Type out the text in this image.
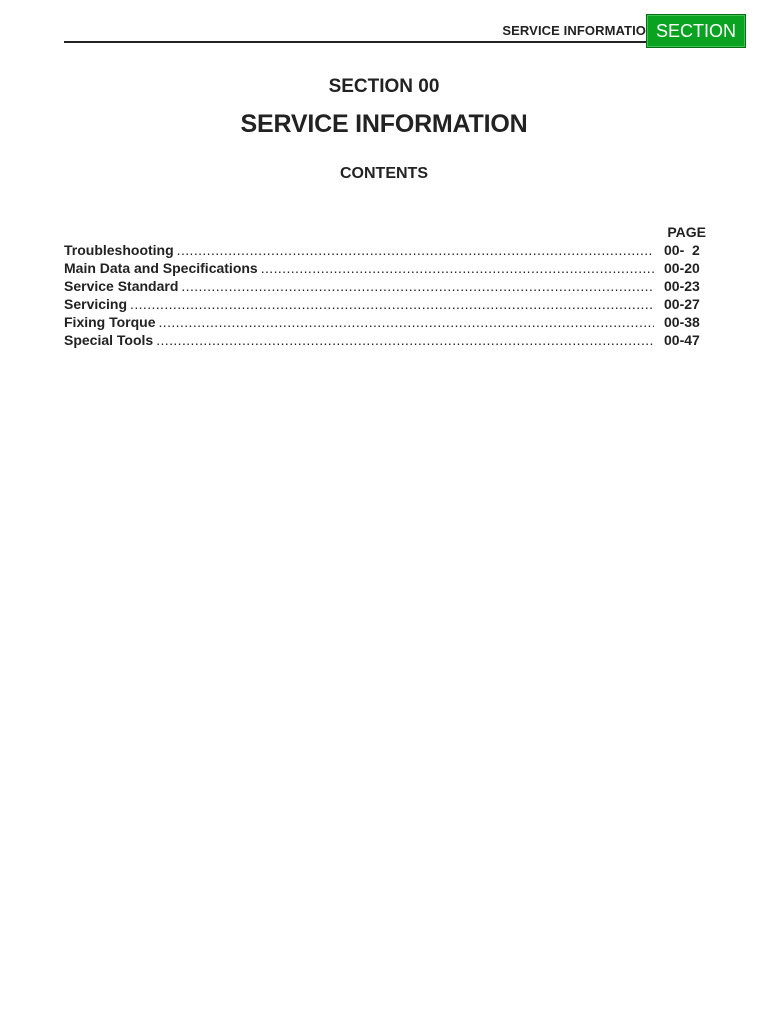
SERVICE INFORMATIO SECTION
SECTION 00
SERVICE INFORMATION
CONTENTS
PAGE
Troubleshooting .....	00-  2
Main Data and Specifications .....	00-20
Service Standard .....	00-23
Servicing .....	00-27
Fixing Torque .....	00-38
Special Tools .....	00-47
